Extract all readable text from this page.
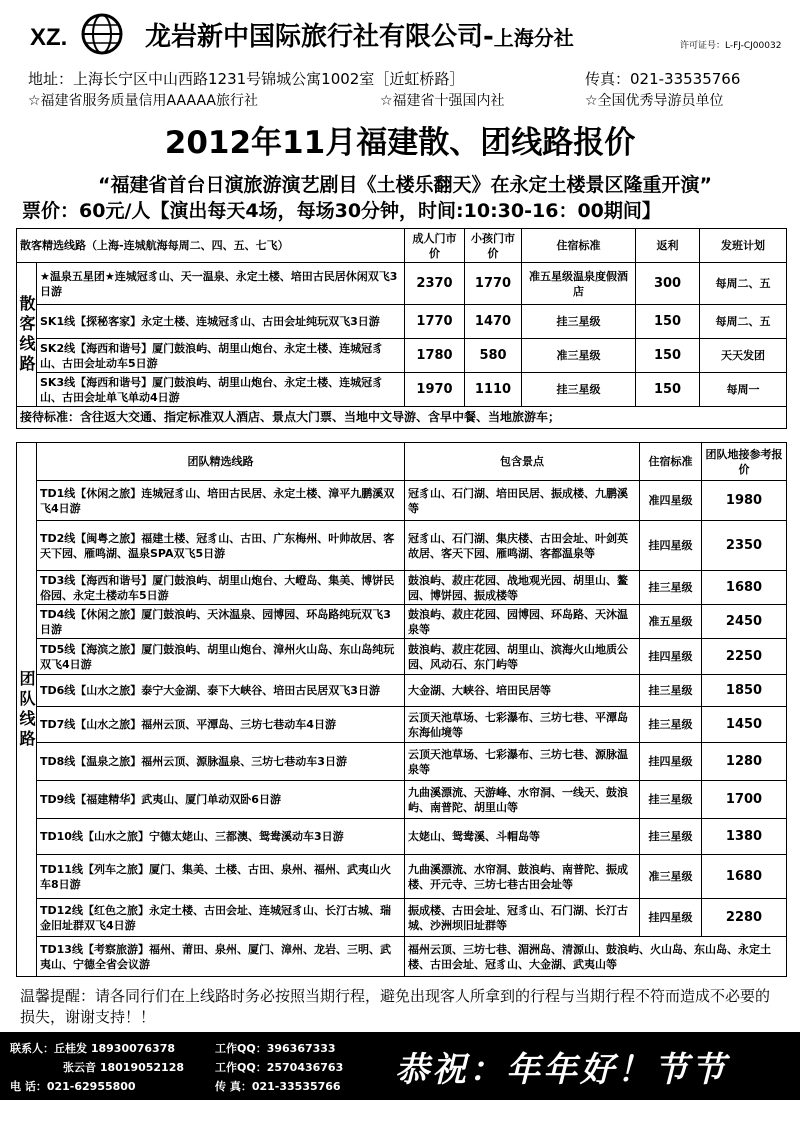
XZ.	龙岩新中国际旅行社有限公司-上海分社	许可证号：L-FJ-CJ00032
地址：上海长宁区中山西路1231号锦城公寓1002室［近虹桥路］	传真：021-33535766
☆福建省服务质量信用AAAAA旅行社	☆福建省十强国内社	☆全国优秀导游员单位
2012年11月福建散、团线路报价
“福建省首台日演旅游演艺剧目《土楼乐翻天》在永定土楼景区隆重开演”
票价：60元/人【演出每天4场，每场30分钟，时间:10:30-16：00期间】
散客精选线路（上海-连城航海每周二、四、五、七飞）		成人门市价	小孩门市价	住宿标准	返利	发班计划
散客线路	★温泉五星团★连城冠豸山、天一温泉、永定土楼、培田古民居休闲双飞3日游	2370	1770	准五星级温泉度假酒店	300	每周二、五
	SK1线【探秘客家】永定土楼、连城冠豸山、古田会址纯玩双飞3日游	1770	1470	挂三星级	150	每周二、五
	SK2线【海西和谐号】厦门鼓浪屿、胡里山炮台、永定土楼、连城冠豸山、古田会址动车5日游	1780	580	准三星级	150	天天发团
	SK3线【海西和谐号】厦门鼓浪屿、胡里山炮台、永定土楼、连城冠豸山、古田会址单飞单动4日游	1970	1110	挂三星级	150	每周一
接待标准：含往返大交通、指定标准双人酒店、景点大门票、当地中文导游、含早中餐、当地旅游车；						
团队线路	团队精选线路	包含景点	住宿标准	团队地接参考报价
	TD1线【休闲之旅】连城冠豸山、培田古民居、永定土楼、漳平九鹏溪双飞4日游	冠豸山、石门湖、培田民居、振成楼、九鹏溪等	准四星级	1980
	TD2线【闽粤之旅】福建土楼、冠豸山、古田、广东梅州、叶帅故居、客天下园、雁鸣湖、温泉SPA双飞5日游	冠豸山、石门湖、集庆楼、古田会址、叶剑英故居、客天下园、雁鸣湖、客都温泉等	挂四星级	2350
	TD3线【海西和谐号】厦门鼓浪屿、胡里山炮台、大嶝岛、集美、博饼民俗园、永定土楼动车5日游	鼓浪屿、菽庄花园、战地观光园、胡里山、鳌园、博饼园、振成楼等	挂三星级	1680
	TD4线【休闲之旅】厦门鼓浪屿、天沐温泉、园博园、环岛路纯玩双飞3日游	鼓浪屿、菽庄花园、园博园、环岛路、天沐温泉等	准五星级	2450
	TD5线【海滨之旅】厦门鼓浪屿、胡里山炮台、漳州火山岛、东山岛纯玩双飞4日游	鼓浪屿、菽庄花园、胡里山、滨海火山地质公园、风动石、东门屿等	挂四星级	2250
	TD6线【山水之旅】泰宁大金湖、泰下大峡谷、培田古民居双飞3日游	大金湖、大峡谷、培田民居等	挂三星级	1850
	TD7线【山水之旅】福州云顶、平潭岛、三坊七巷动车4日游	云顶天池草场、七彩瀑布、三坊七巷、平潭岛东海仙境等	挂三星级	1450
	TD8线【温泉之旅】福州云顶、源脉温泉、三坊七巷动车3日游	云顶天池草场、七彩瀑布、三坊七巷、源脉温泉等	挂四星级	1280
	TD9线【福建精华】武夷山、厦门单动双卧6日游	九曲溪漂流、天游峰、水帘洞、一线天、鼓浪屿、南普陀、胡里山等	挂三星级	1700
	TD10线【山水之旅】宁德太姥山、三都澳、鸳鸯溪动车3日游	太姥山、鸳鸯溪、斗帽岛等	挂三星级	1380
	TD11线【列车之旅】厦门、集美、土楼、古田、泉州、福州、武夷山火车8日游	九曲溪漂流、水帘洞、鼓浪屿、南普陀、振成楼、开元寺、三坊七巷古田会址等	准三星级	1680
	TD12线【红色之旅】永定土楼、古田会址、连城冠豸山、长汀古城、瑞金旧址群双飞4日游	振成楼、古田会址、冠豸山、石门湖、长汀古城、沙洲坝旧址群等	挂四星级	2280
	TD13线【考察旅游】福州、莆田、泉州、厦门、漳州、龙岩、三明、武夷山、宁德全省会议游	福州云顶、三坊七巷、湄洲岛、清源山、鼓浪屿、火山岛、东山岛、永定土楼、古田会址、冠豸山、大金湖、武夷山等		
温馨提醒：请各同行们在上线路时务必按照当期行程，避免出现客人所拿到的行程与当期行程不符而造成不必要的损失，谢谢支持！！
联系人：丘桂发 18930076378	工作QQ：396367333
张云音 18019052128	工作QQ：2570436763
电 话：021-62955800	传 真：021-33535766 恭祝：年年好！节节高！
